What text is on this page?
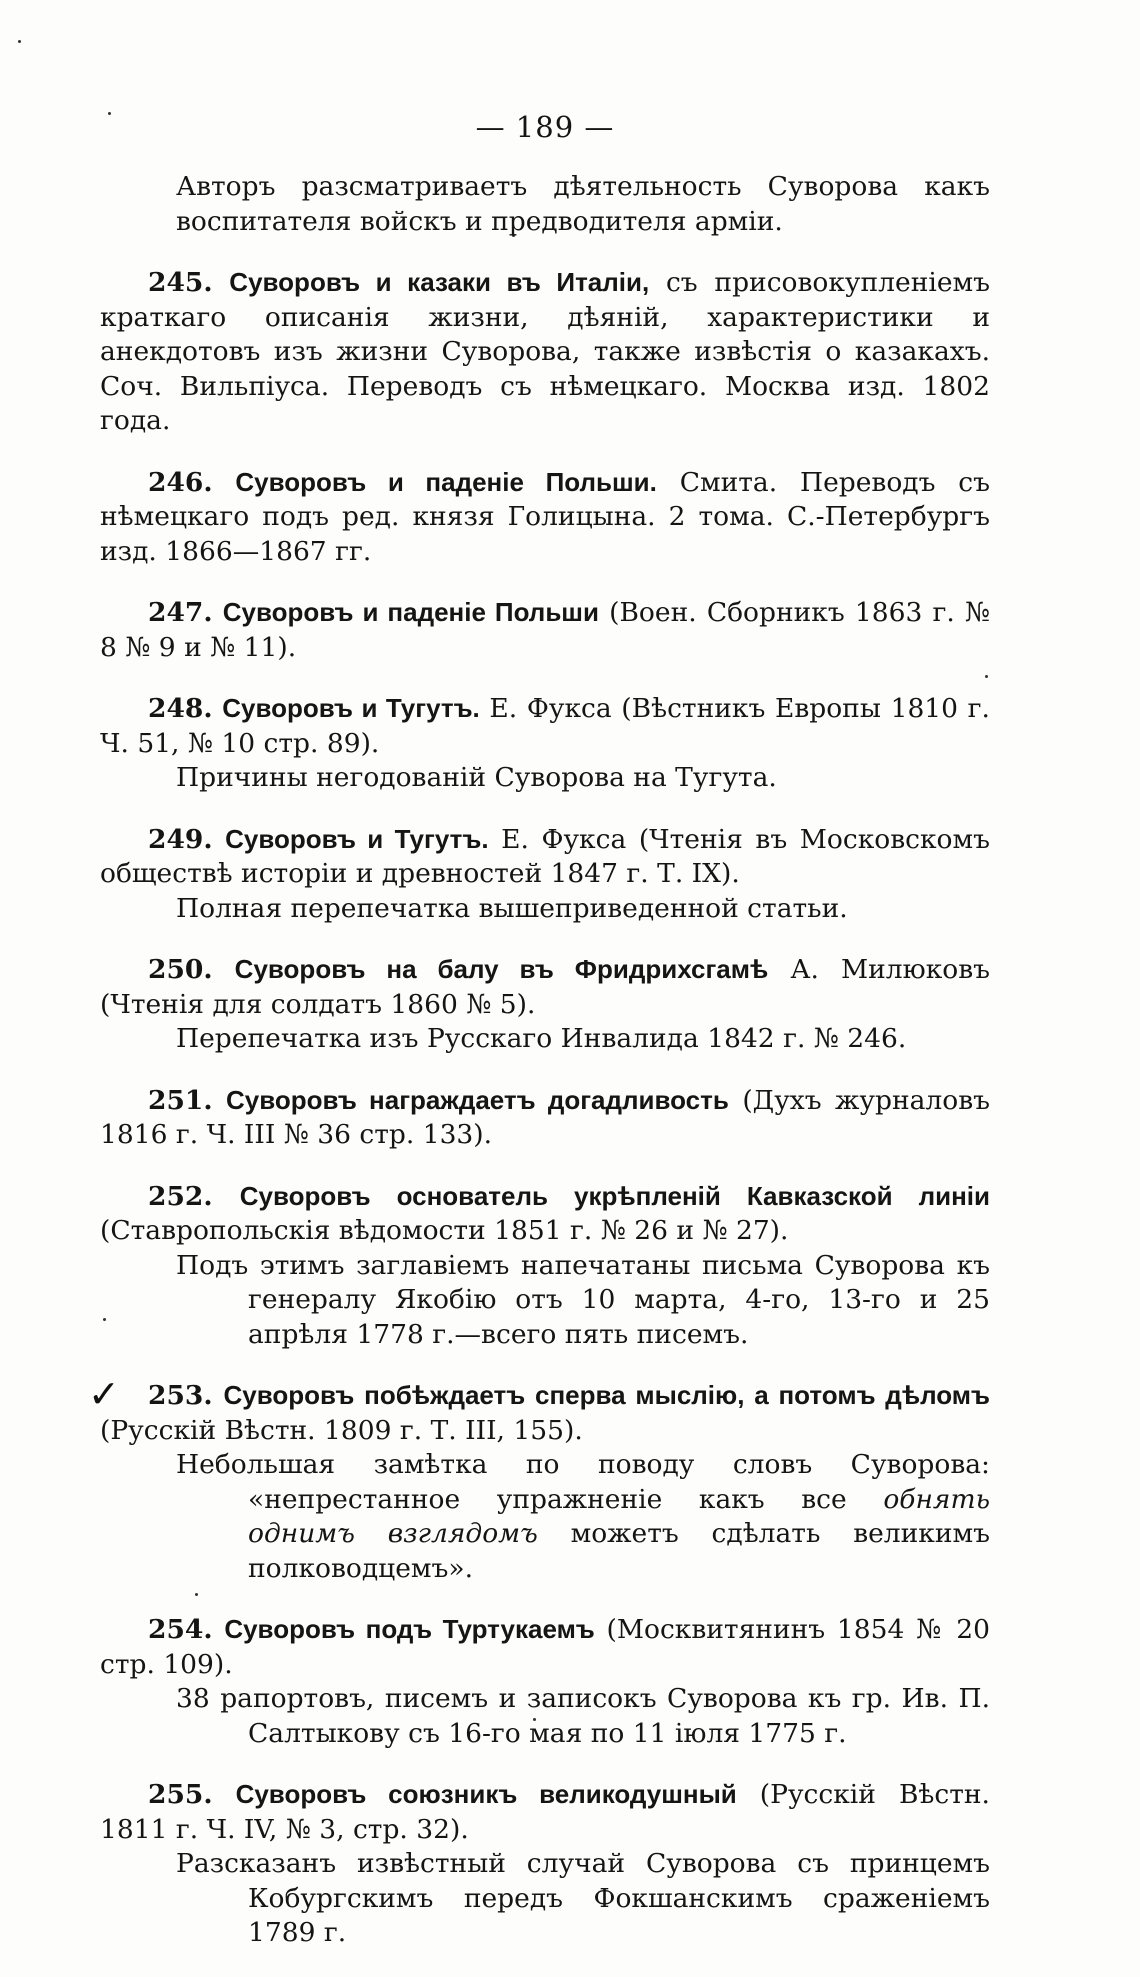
— 189 —

Авторъ разсматриваетъ дѣятельность Суворова какъ воспитателя войскъ и предводителя арміи.

245. Суворовъ и казаки въ Италіи, съ присовокупленіемъ краткаго описанія жизни, дѣяній, характеристики и анекдотовъ изъ жизни Суворова, также извѣстія о казакахъ. Соч. Вильпіуса. Переводъ съ нѣмецкаго. Москва изд. 1802 года.

246. Суворовъ и паденіе Польши. Смита. Переводъ съ нѣмецкаго подъ ред. князя Голицына. 2 тома. С.-Петербургъ изд. 1866—1867 гг.

247. Суворовъ и паденіе Польши (Воен. Сборникъ 1863 г. № 8 № 9 и № 11).

248. Суворовъ и Тугутъ. Е. Фукса (Вѣстникъ Европы 1810 г. Ч. 51, № 10 стр. 89).

Причины негодованій Суворова на Тугута.

249. Суворовъ и Тугутъ. Е. Фукса (Чтенія въ Московскомъ обществѣ исторіи и древностей 1847 г. Т. IX).

Полная перепечатка вышеприведенной статьи.

250. Суворовъ на балу въ Фридрихсгамѣ А. Милюковъ (Чтенія для солдатъ 1860 № 5).

Перепечатка изъ Русскаго Инвалида 1842 г. № 246.

251. Суворовъ награждаетъ догадливость (Духъ журналовъ 1816 г. Ч. III № 36 стр. 133).

252. Суворовъ основатель укрѣпленій Кавказской линіи (Ставропольскія вѣдомости 1851 г. № 26 и № 27).

Подъ этимъ заглавіемъ напечатаны письма Суворова къ генералу Якобію отъ 10 марта, 4-го, 13-го и 25 апрѣля 1778 г.—всего пять писемъ.

✓	253. Суворовъ побѣждаетъ сперва мыслію, а потомъ дѣломъ (Русскій Вѣстн. 1809 г. Т. III, 155).

Небольшая замѣтка по поводу словъ Суворова: «непрестанное упражненіе какъ все обнять однимъ взглядомъ можетъ сдѣлать великимъ полководцемъ».

254. Суворовъ подъ Туртукаемъ (Москвитянинъ 1854 № 20 стр. 109).

38 рапортовъ, писемъ и записокъ Суворова къ гр. Ив. П. Салтыкову съ 16-го мая по 11 іюля 1775 г.

255. Суворовъ союзникъ великодушный (Русскій Вѣстн. 1811 г. Ч. IV, № 3, стр. 32).

Разсказанъ извѣстный случай Суворова съ принцемъ Кобургскимъ передъ Фокшанскимъ сраженіемъ 1789 г.
